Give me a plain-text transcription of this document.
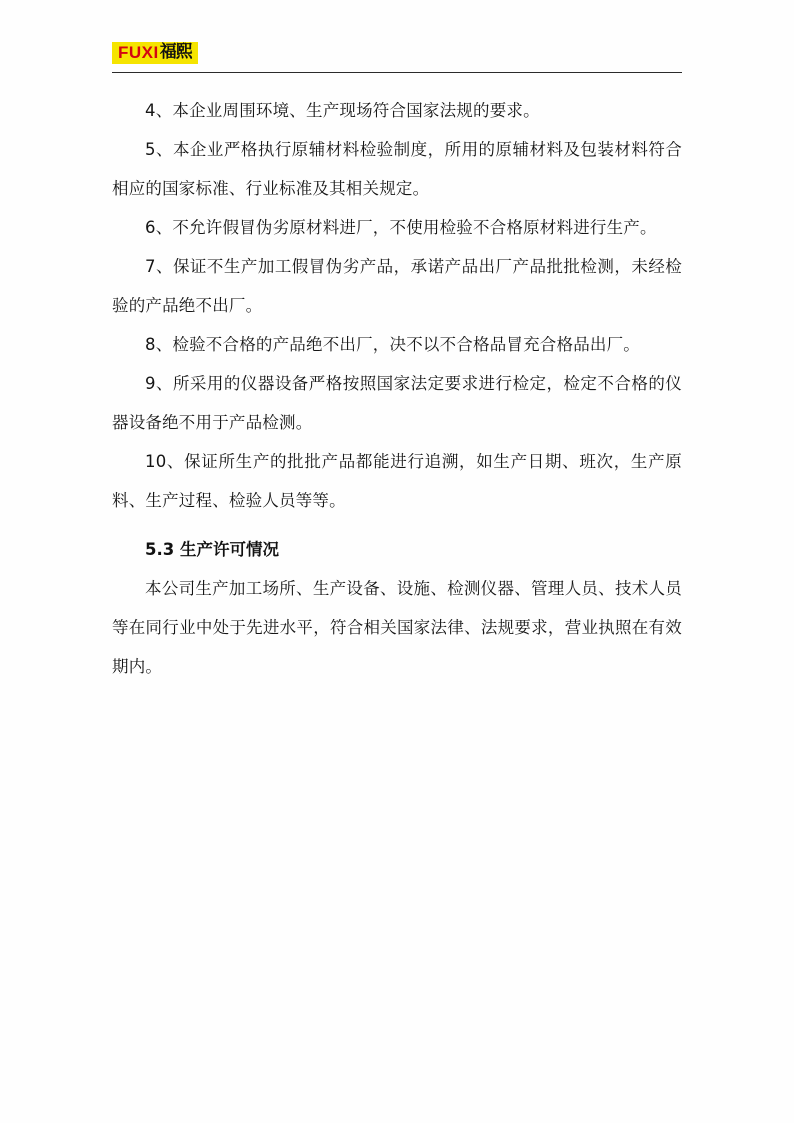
FUXI 福熙

4、本企业周围环境、生产现场符合国家法规的要求。

5、本企业严格执行原辅材料检验制度，所用的原辅材料及包装材料符合相应的国家标准、行业标准及其相关规定。

6、不允许假冒伪劣原材料进厂，不使用检验不合格原材料进行生产。

7、保证不生产加工假冒伪劣产品，承诺产品出厂产品批批检测，未经检验的产品绝不出厂。

8、检验不合格的产品绝不出厂，决不以不合格品冒充合格品出厂。

9、所采用的仪器设备严格按照国家法定要求进行检定，检定不合格的仪器设备绝不用于产品检测。

10、保证所生产的批批产品都能进行追溯，如生产日期、班次，生产原料、生产过程、检验人员等等。

5.3 生产许可情况

本公司生产加工场所、生产设备、设施、检测仪器、管理人员、技术人员等在同行业中处于先进水平，符合相关国家法律、法规要求，营业执照在有效期内。
